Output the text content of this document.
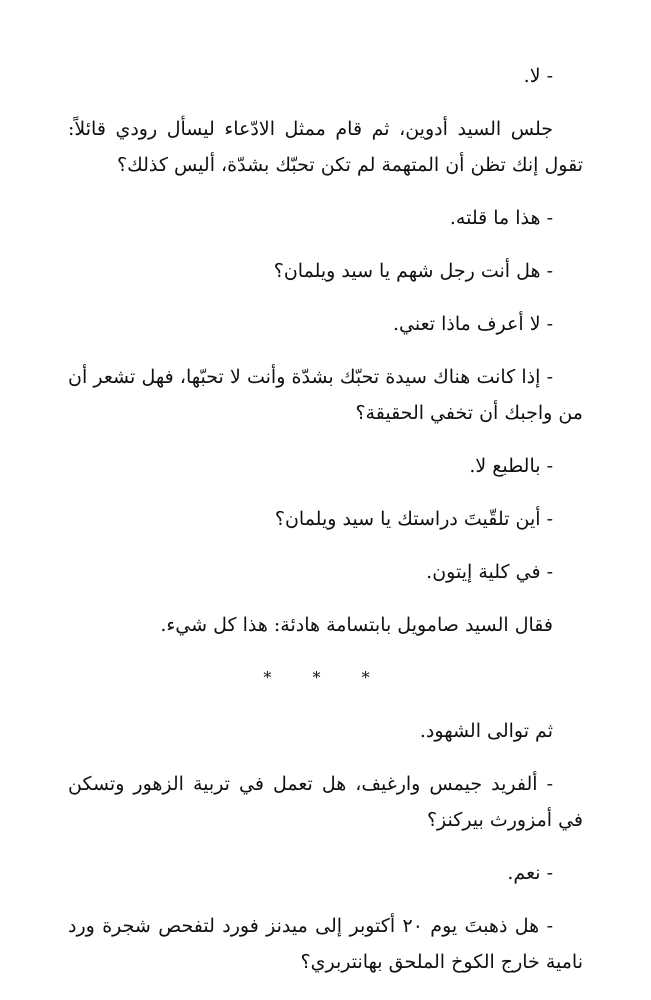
- لا.

جلس السيد أدوين، ثم قام ممثل الادّعاء ليسأل رودي قائلاً: تقول إنك تظن أن المتهمة لم تكن تحبّك بشدّة، أليس كذلك؟

- هذا ما قلته.

- هل أنت رجل شهم يا سيد ويلمان؟

- لا أعرف ماذا تعني.

- إذا كانت هناك سيدة تحبّك بشدّة وأنت لا تحبّها، فهل تشعر أن من واجبك أن تخفي الحقيقة؟

- بالطبع لا.

- أين تلقّيتَ دراستك يا سيد ويلمان؟

- في كلية إيتون.

فقال السيد صامويل بابتسامة هادئة: هذا كل شيء.

* * *

ثم توالى الشهود.

- ألفريد جيمس وارغيف، هل تعمل في تربية الزهور وتسكن في أمزورث بيركنز؟

- نعم.

- هل ذهبتَ يوم ٢٠ أكتوبر إلى ميدنز فورد لتفحص شجرة ورد نامية خارج الكوخ الملحق بهانتربري؟
